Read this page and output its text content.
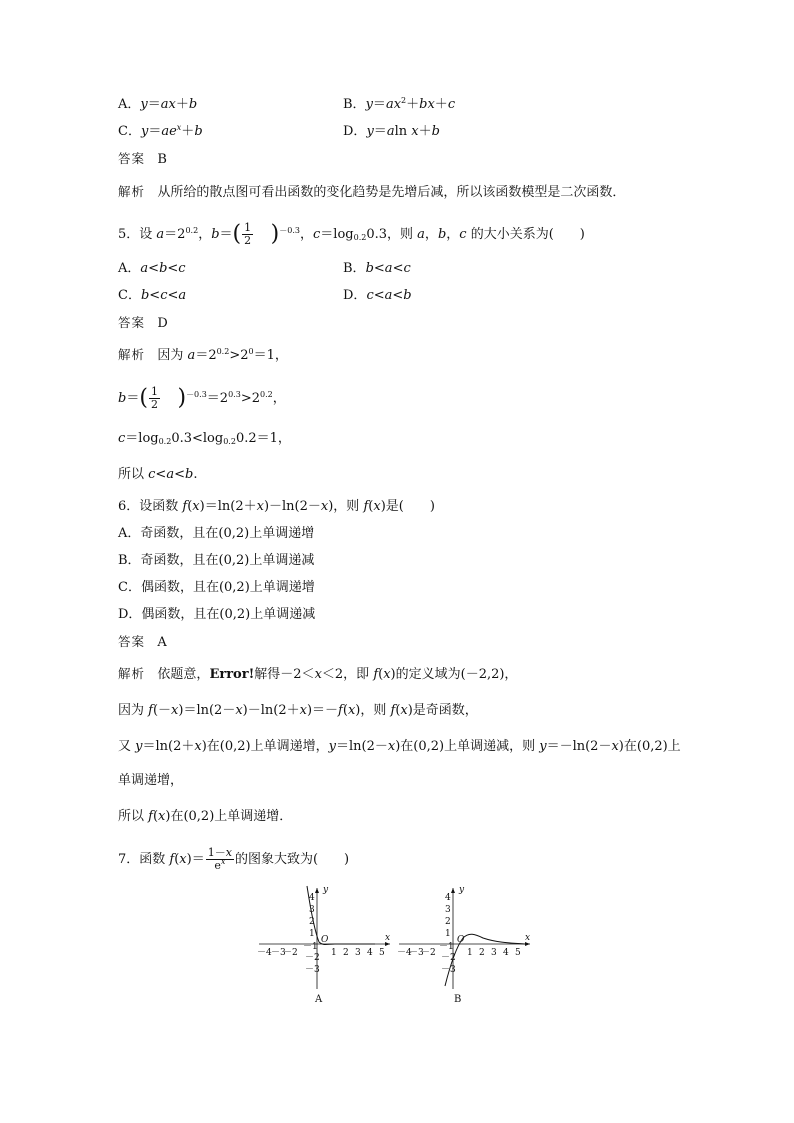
A．y＝ax＋b	B．$y=ax^2+bx+c$
C．$y=ae^x+b$	D．y＝aln x＋b
答案 B
解析 从所给的散点图可看出函数的变化趋势是先增后减，所以该函数模型是二次函数．
5．设 $a=2^{0.2}$，$b=( \frac{1}{2} )^{-0.3}$，$c=\log_{0.2}0.3$，则 a，b，c 的大小关系为(　　)
A．a<b<c	B．b<a<c
C．b<c<a	D．c<a<b
答案 D
解析   因为 $a=2^{0.2}>2^0=1$，
$b=( \frac{1}{2} )^{-0.3}=2^{0.3}>2^{0.2}$，
$c=\log_{0.2}0.3<\log_{0.2}0.2=1$，
所以 c<a<b.
6．设函数 f(x)＝ln(2＋x)－ln(2－x)，则 f(x)是(　　)
A．奇函数，且在(0,2)上单调递增
B．奇函数，且在(0,2)上单调递减
C．偶函数，且在(0,2)上单调递增
D．偶函数，且在(0,2)上单调递减
答案 A
解析 依题意，Error!解得－2＜x＜2，即 f(x)的定义域为(－2,2)，
因为 f(－x)＝ln(2－x)－ln(2＋x)＝－f(x)，则 f(x)是奇函数，
又 y＝ln(2＋x)在(0,2)上单调递增，y＝ln(2－x)在(0,2)上单调递减，则 y＝－ln(2－x)在(0,2)上
单调递增，
所以 f(x)在(0,2)上单调递增．
7．函数 $f(x)= \frac{1-x}{e^x}$ 的图象大致为(　　)
y
x
O
4
3
2
1
－2
－3
－1
－4 －3
－2	1 2 3 4 5
A
y
x
O
4
3
2
1
－2
－3
－1
－4
－3
－2	1 2 3 4 5
B
